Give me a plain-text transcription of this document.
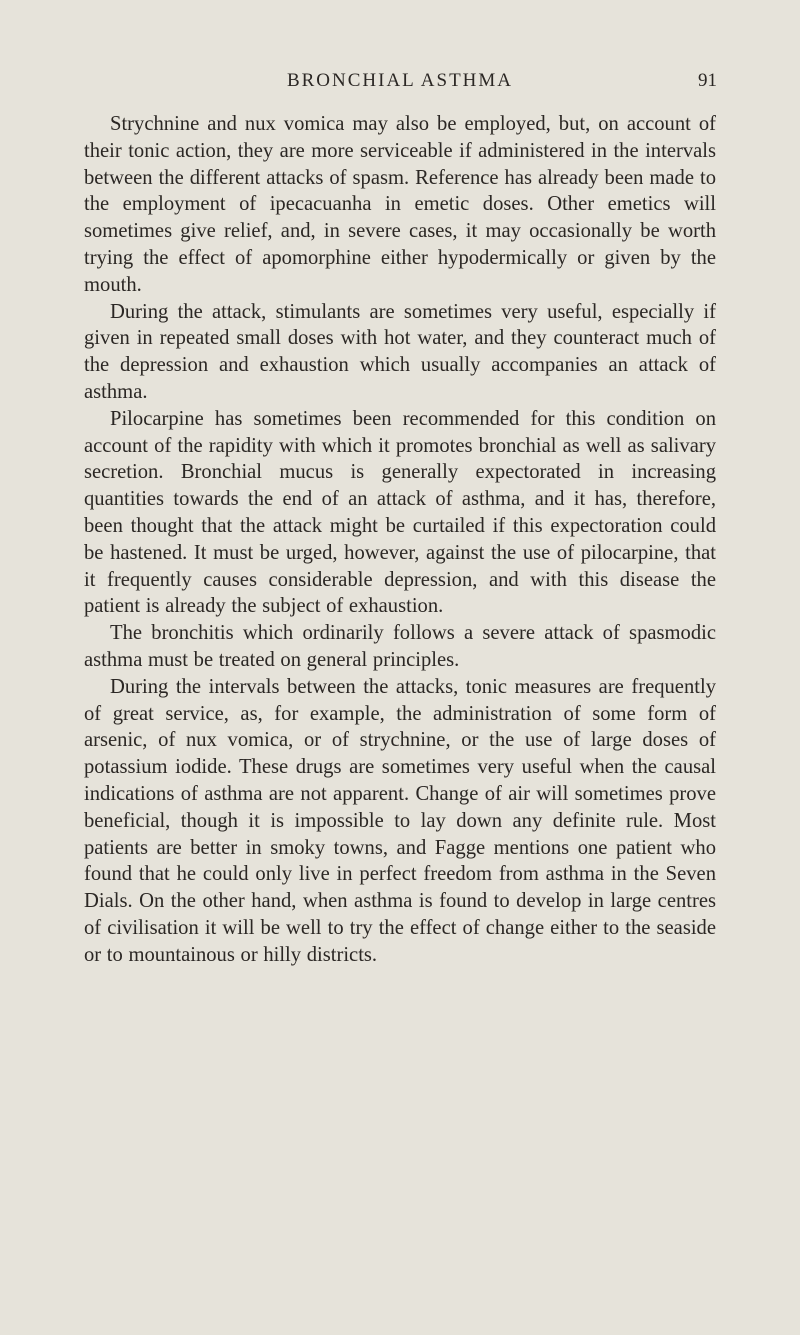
BRONCHIAL ASTHMA	91

Strychnine and nux vomica may also be employed, but, on account of their tonic action, they are more serviceable if administered in the intervals between the different attacks of spasm. Reference has already been made to the employment of ipecacuanha in emetic doses. Other emetics will sometimes give relief, and, in severe cases, it may occasionally be worth trying the effect of apomorphine either hypodermically or given by the mouth.

During the attack, stimulants are sometimes very useful, especially if given in repeated small doses with hot water, and they counteract much of the depression and exhaustion which usually accompanies an attack of asthma.

Pilocarpine has sometimes been recommended for this condition on account of the rapidity with which it promotes bronchial as well as salivary secretion. Bronchial mucus is generally expectorated in increasing quantities towards the end of an attack of asthma, and it has, therefore, been thought that the attack might be curtailed if this expectoration could be hastened. It must be urged, however, against the use of pilocarpine, that it frequently causes considerable depression, and with this disease the patient is already the subject of exhaustion.

The bronchitis which ordinarily follows a severe attack of spasmodic asthma must be treated on general principles.

During the intervals between the attacks, tonic measures are frequently of great service, as, for example, the administration of some form of arsenic, of nux vomica, or of strychnine, or the use of large doses of potassium iodide. These drugs are sometimes very useful when the causal indications of asthma are not apparent. Change of air will sometimes prove beneficial, though it is impossible to lay down any definite rule. Most patients are better in smoky towns, and Fagge mentions one patient who found that he could only live in perfect freedom from asthma in the Seven Dials. On the other hand, when asthma is found to develop in large centres of civilisation it will be well to try the effect of change either to the seaside or to mountainous or hilly districts.
